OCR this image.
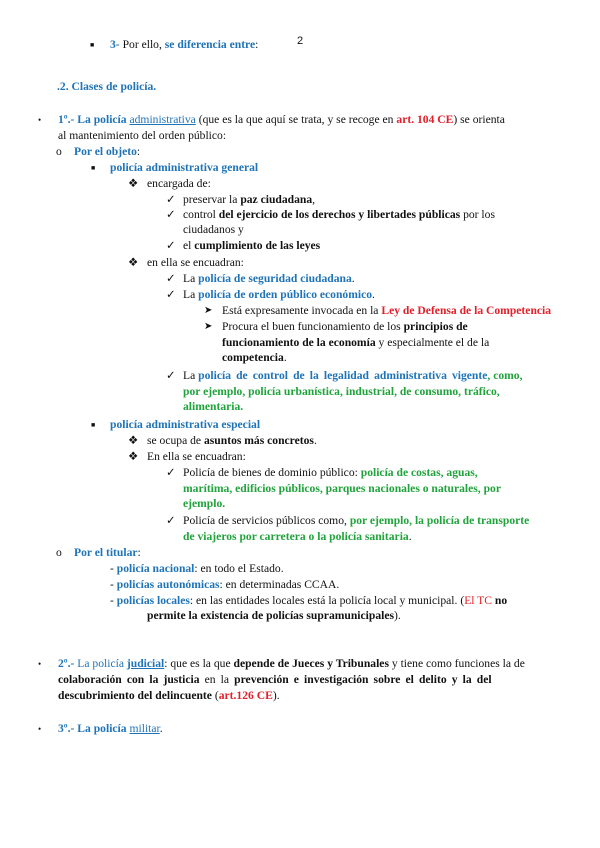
■ 3- Por ello, se diferencia entre:	2
.2. Clases de policía.
• 1º.- La policía administrativa (que es la que aquí se trata, y se recoge en art. 104 CE) se orienta
al mantenimiento del orden público:
o Por el objeto:
■ policía administrativa general
❖ encargada de:
✓ preservar la paz ciudadana,
✓ control del ejercicio de los derechos y libertades públicas por los
ciudadanos y
✓ el cumplimiento de las leyes
❖ en ella se encuadran:
✓ La policía de seguridad ciudadana.
✓ La policía de orden público económico.
➤ Está expresamente invocada en la Ley de Defensa de la Competencia
➤ Procura el buen funcionamiento de los principios de
funcionamiento de la economía y especialmente el de la
competencia.
✓ La policía de control de la legalidad administrativa vigente, como,
por ejemplo, policía urbanística, industrial, de consumo, tráfico,
alimentaria.
■ policía administrativa especial
❖ se ocupa de asuntos más concretos.
❖ En ella se encuadran:
✓ Policía de bienes de dominio público: policía de costas, aguas,
marítima, edificios públicos, parques nacionales o naturales, por
ejemplo.
✓ Policía de servicios públicos como, por ejemplo, la policía de transporte
de viajeros por carretera o la policía sanitaria.
o Por el titular:
- policía nacional: en todo el Estado.
- policías autonómicas: en determinadas CCAA.
- policías locales: en las entidades locales está la policía local y municipal. (El TC no
permite la existencia de policías supramunicipales).
• 2º.- La policía judicial: que es la que depende de Jueces y Tribunales y tiene como funciones la de
colaboración con la justicia en la prevención e investigación sobre el delito y la del
descubrimiento del delincuente (art.126 CE).
• 3º.- La policía militar.
